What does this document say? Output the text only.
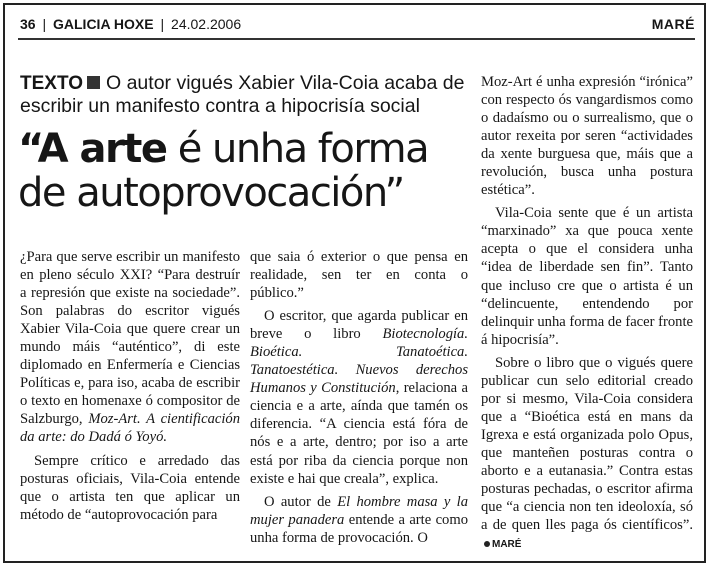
36 | GALICIA HOXE | 24.02.2006	MARÉ
TEXTO O autor vigués Xabier Vila-Coia acaba de escribir un manifesto contra a hipocrisía social
“A arte é unha forma de autoprovocación”

¿Para que serve escribir un manifesto en pleno século XXI? “Para destruír a represión que existe na sociedade”. Son palabras do escritor vigués Xabier Vila-Coia que quere crear un mundo máis “auténtico”, di este diplomado en Enfermería e Ciencias Políticas e, para iso, acaba de escribir o texto en homenaxe ó compositor de Salzburgo, Moz-Art. A cientificación da arte: do Dadá ó Yoyó.

Sempre crítico e arredado das posturas oficiais, Vila-Coia entende que o artista ten que aplicar un método de “autoprovocación para

que saia ó exterior o que pensa en realidade, sen ter en conta o público.”

O escritor, que agarda publicar en breve o libro Biotecnología. Bioética. Tanatoética. Tanatoestética. Nuevos derechos Humanos y Constitución, relaciona a ciencia e a arte, aínda que tamén os diferencia. “A ciencia está fóra de nós e a arte, dentro; por iso a arte está por riba da ciencia porque non existe e hai que creala”, explica.

O autor de El hombre masa y la mujer panadera entende a arte como unha forma de provocación. O

Moz-Art é unha expresión “irónica” con respecto ós vangardismos como o dadaísmo ou o surrealismo, que o autor rexeita por seren “actividades da xente burguesa que, máis que a revolución, busca unha postura estética”.

Vila-Coia sente que é un artista “marxinado” xa que pouca xente acepta o que el considera unha “idea de liberdade sen fin”. Tanto que incluso cre que o artista é un “delincuente, entendendo por delinquir unha forma de facer fronte á hipocrisía”.

Sobre o libro que o vigués quere publicar cun selo editorial creado por si mesmo, Vila-Coia considera que a “Bioética está en mans da Igrexa e está organizada polo Opus, que manteñen posturas contra o aborto e a eutanasia.” Contra estas posturas pechadas, o escritor afirma que “a ciencia non ten ideoloxía, só a de quen lles paga ós científicos”.MARÉ
